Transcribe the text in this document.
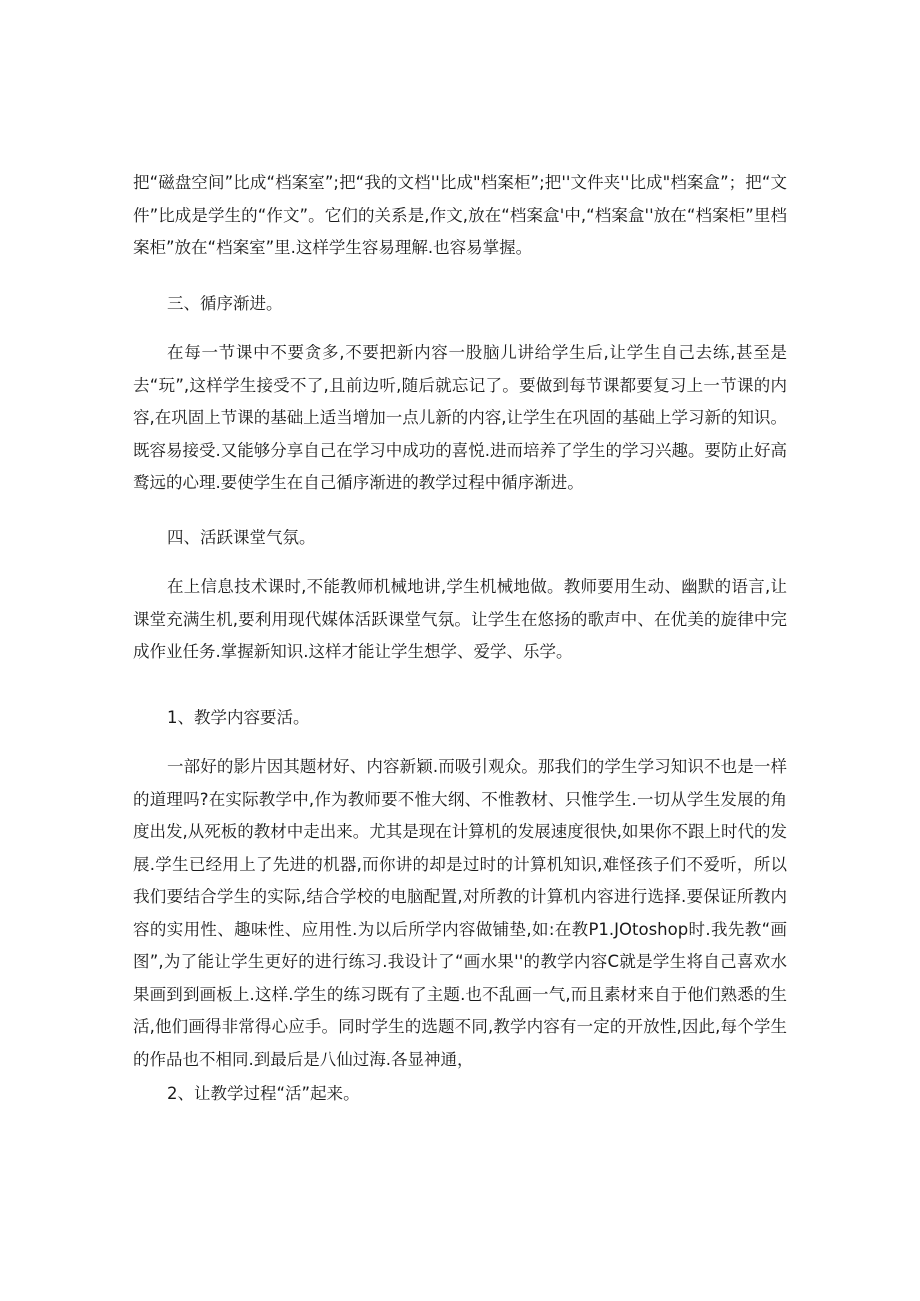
把“磁盘空间”比成“档案室”;把“我的文档''比成"档案柜”;把''文件夹''比成"档案盒”；把“文件”比成是学生的“作文”。它们的关系是,作文,放在“档案盒'中,“档案盒''放在“档案柜”里档案柜”放在“档案室”里.这样学生容易理解.也容易掌握。

三、循序渐进。

在每一节课中不要贪多,不要把新内容一股脑儿讲给学生后,让学生自己去练,甚至是去“玩”,这样学生接受不了,且前边听,随后就忘记了。要做到每节课都要复习上一节课的内容,在巩固上节课的基础上适当增加一点儿新的内容,让学生在巩固的基础上学习新的知识。既容易接受.又能够分享自己在学习中成功的喜悦.进而培养了学生的学习兴趣。要防止好高鹜远的心理.要使学生在自己循序渐进的教学过程中循序渐进。

四、活跃课堂气氛。

在上信息技术课时,不能教师机械地讲,学生机械地做。教师要用生动、幽默的语言,让课堂充满生机,要利用现代媒体活跃课堂气氛。让学生在悠扬的歌声中、在优美的旋律中完成作业任务.掌握新知识.这样才能让学生想学、爱学、乐学。

1、教学内容要活。

一部好的影片因其题材好、内容新颖.而吸引观众。那我们的学生学习知识不也是一样的道理吗?在实际教学中,作为教师要不惟大纲、不惟教材、只惟学生.一切从学生发展的角度出发,从死板的教材中走出来。尤其是现在计算机的发展速度很快,如果你不跟上时代的发展.学生已经用上了先进的机器,而你讲的却是过时的计算机知识,难怪孩子们不爱听，所以我们要结合学生的实际,结合学校的电脑配置,对所教的计算机内容进行选择.要保证所教内容的实用性、趣味性、应用性.为以后所学内容做铺垫,如:在教P1.JOtoshop时.我先教“画图”,为了能让学生更好的进行练习.我设计了“画水果''的教学内容C就是学生将自己喜欢水果画到到画板上.这样.学生的练习既有了主题.也不乱画一气,而且素材来自于他们熟悉的生活,他们画得非常得心应手。同时学生的选题不同,教学内容有一定的开放性,因此,每个学生的作品也不相同.到最后是八仙过海.各显神通，

2、让教学过程“活”起来。
